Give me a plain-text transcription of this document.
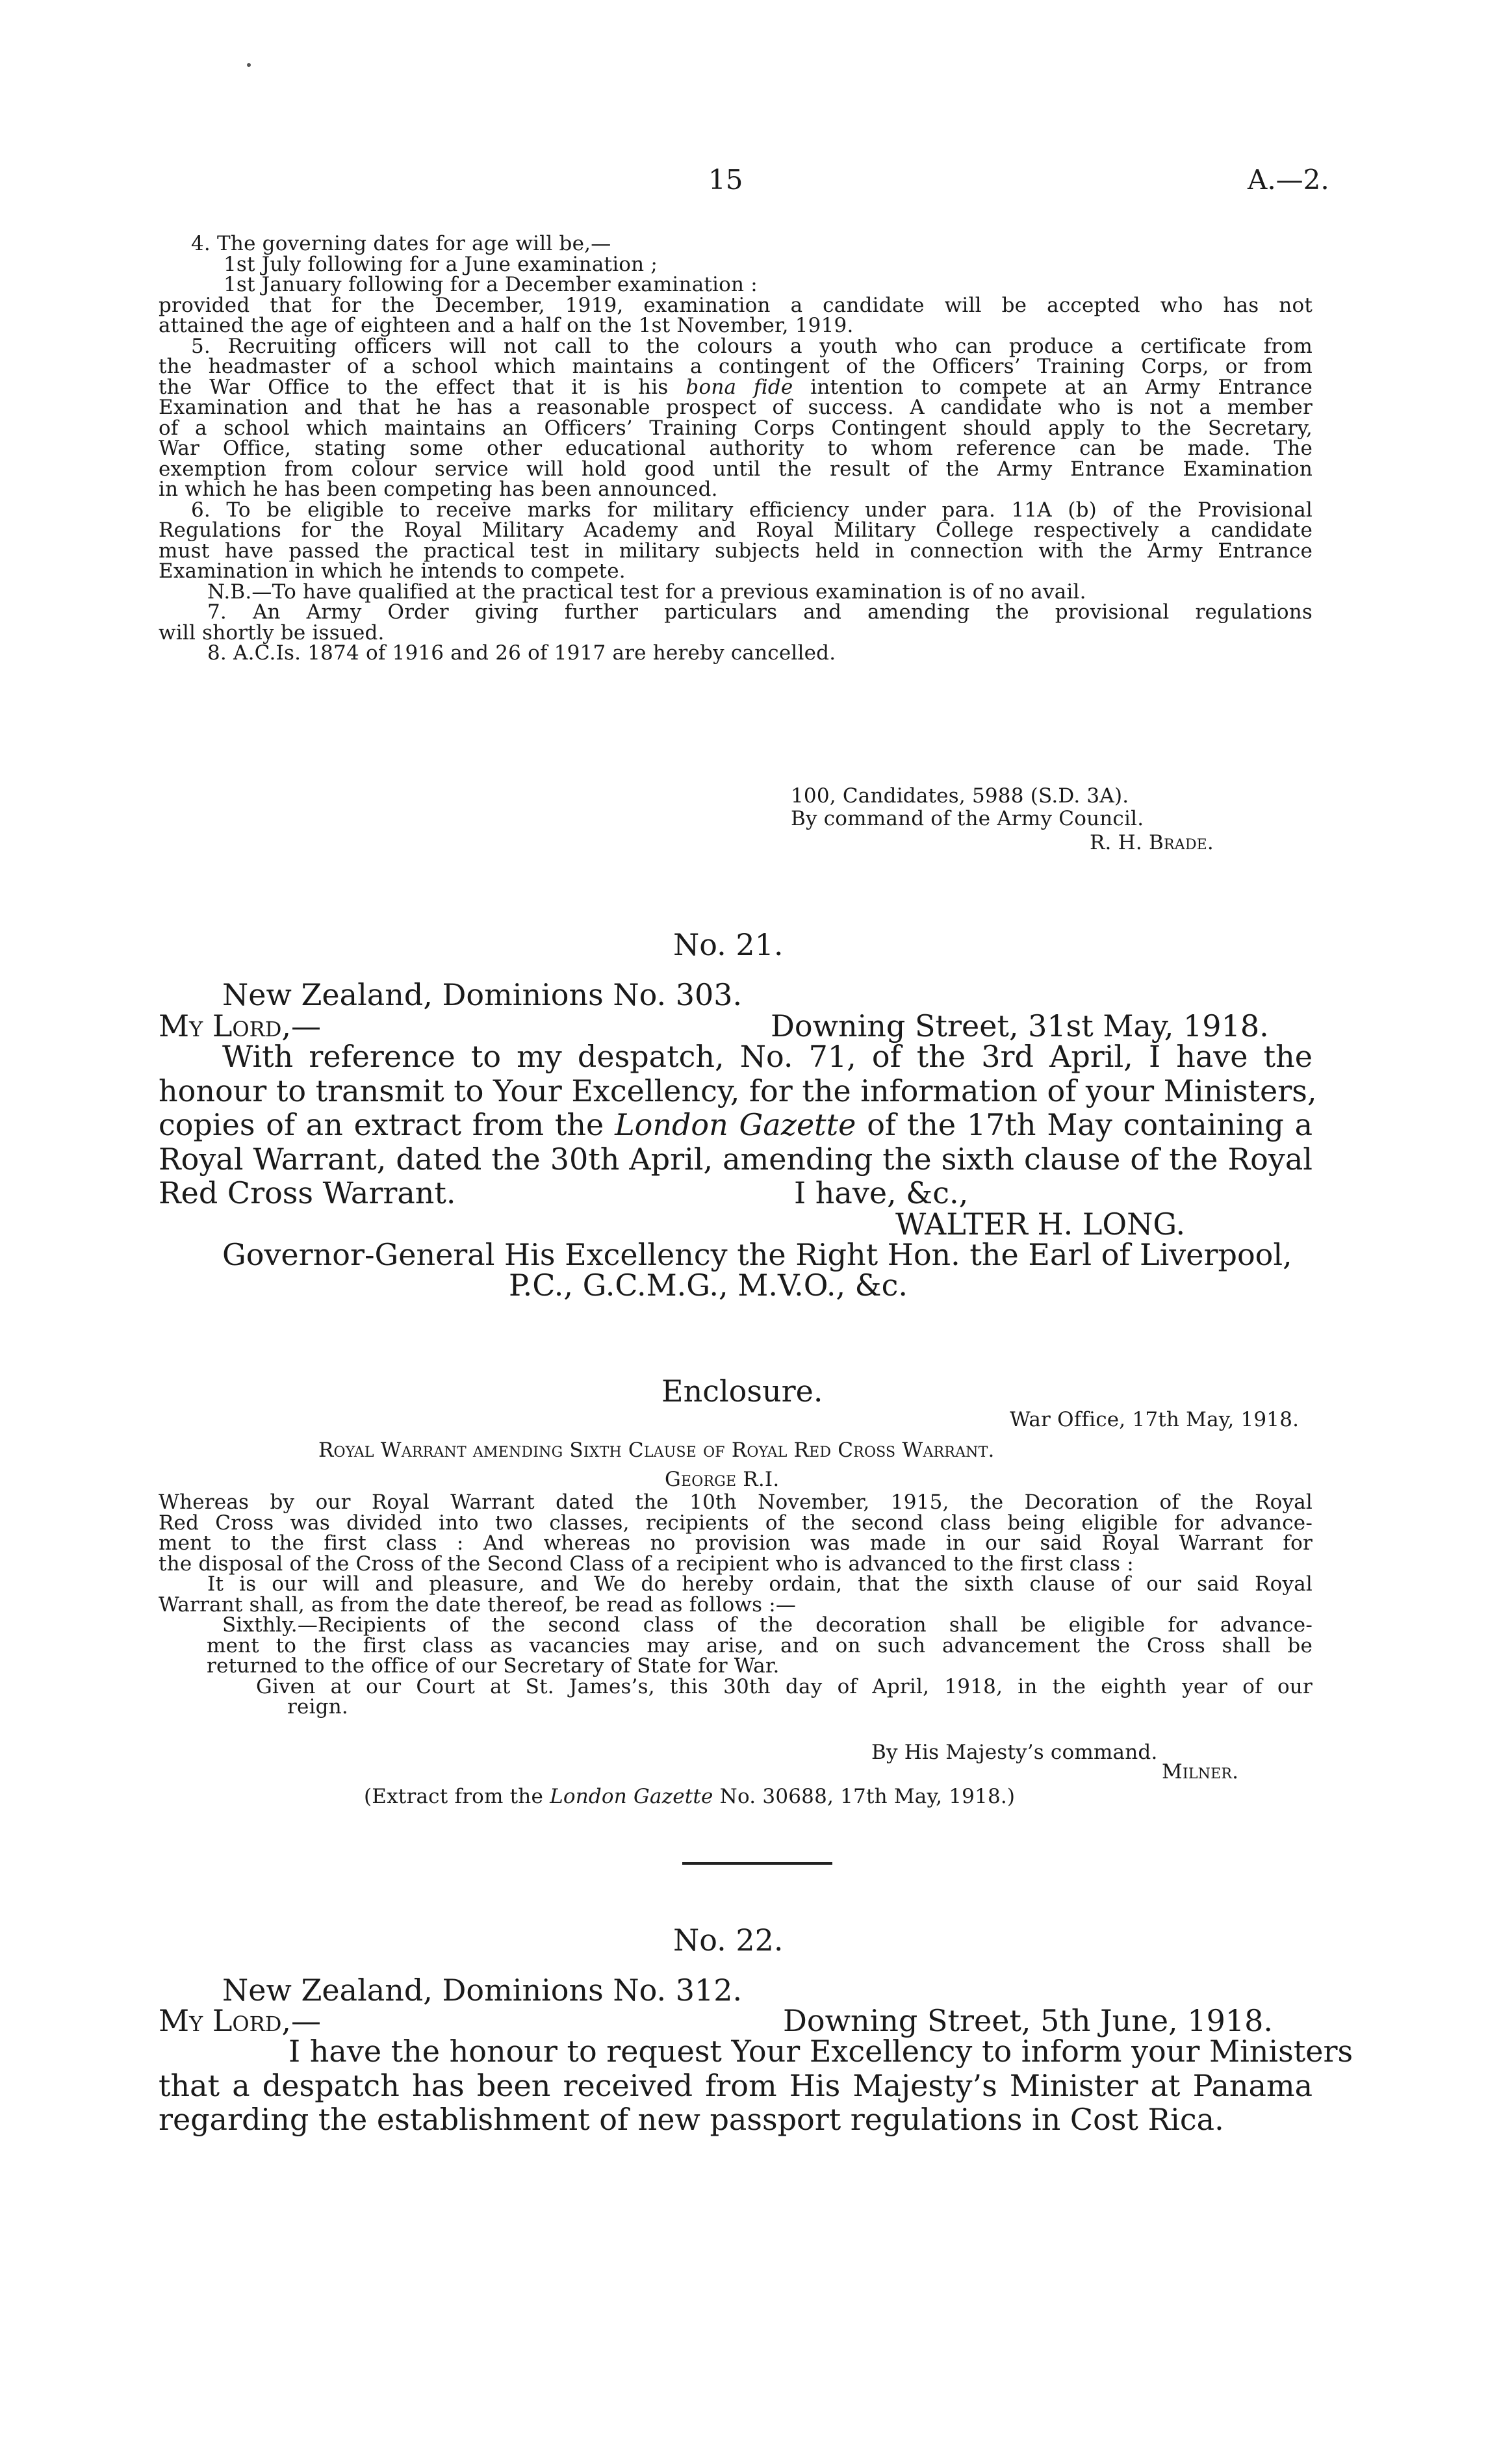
15	A.—2.
4. The governing dates for age will be,—
1st July following for a June examination ;
1st January following for a December examination :
provided that for the December, 1919, examination a candidate will be accepted who has not
attained the age of eighteen and a half on the 1st November, 1919.
5. Recruiting officers will not call to the colours a youth who can produce a certificate from
the headmaster of a school which maintains a contingent of the Officers’ Training Corps, or from
the War Office to the effect that it is his bona fide intention to compete at an Army Entrance
Examination and that he has a reasonable prospect of success. A candidate who is not a member
of a school which maintains an Officers’ Training Corps Contingent should apply to the Secretary,
War Office, stating some other educational authority to whom reference can be made. The
exemption from colour service will hold good until the result of the Army Entrance Examination
in which he has been competing has been announced.
6. To be eligible to receive marks for military efficiency under para. 11A (b) of the Provisional
Regulations for the Royal Military Academy and Royal Military College respectively a candidate
must have passed the practical test in military subjects held in connection with the Army Entrance
Examination in which he intends to compete.
N.B.—To have qualified at the practical test for a previous examination is of no avail.
7. An Army Order giving further particulars and amending the provisional regulations
will shortly be issued.
8. A.C.Is. 1874 of 1916 and 26 of 1917 are hereby cancelled.
100, Candidates, 5988 (S.D. 3A).
By command of the Army Council.
R. H. Brade.
No. 21.
New Zealand, Dominions No. 303.
My Lord,—	Downing Street, 31st May, 1918.
With reference to my despatch, No. 71, of the 3rd April, I have the
honour to transmit to Your Excellency, for the information of your Ministers,
copies of an extract from the London Gazette of the 17th May containing a
Royal Warrant, dated the 30th April, amending the sixth clause of the Royal
Red Cross Warrant.	I have, &c.,
WALTER H. LONG.
Governor-General His Excellency the Right Hon. the Earl of Liverpool,
P.C., G.C.M.G., M.V.O., &c.
Enclosure.
War Office, 17th May, 1918.
Royal Warrant amending Sixth Clause of Royal Red Cross Warrant.
George R.I.
Whereas by our Royal Warrant dated the 10th November, 1915, the Decoration of the Royal
Red Cross was divided into two classes, recipients of the second class being eligible for advance-
ment to the first class : And whereas no provision was made in our said Royal Warrant for
the disposal of the Cross of the Second Class of a recipient who is advanced to the first class :
It is our will and pleasure, and We do hereby ordain, that the sixth clause of our said Royal
Warrant shall, as from the date thereof, be read as follows :—
Sixthly.—Recipients of the second class of the decoration shall be eligible for advance-
ment to the first class as vacancies may arise, and on such advancement the Cross shall be
returned to the office of our Secretary of State for War.
Given at our Court at St. James’s, this 30th day of April, 1918, in the eighth year of our
reign.
By His Majesty’s command.
Milner.
(Extract from the London Gazette No. 30688, 17th May, 1918.)
No. 22.
New Zealand, Dominions No. 312.
My Lord,—	Downing Street, 5th June, 1918.
I have the honour to request Your Excellency to inform your Ministers
that a despatch has been received from His Majesty’s Minister at Panama
regarding the establishment of new passport regulations in Cost Rica.
